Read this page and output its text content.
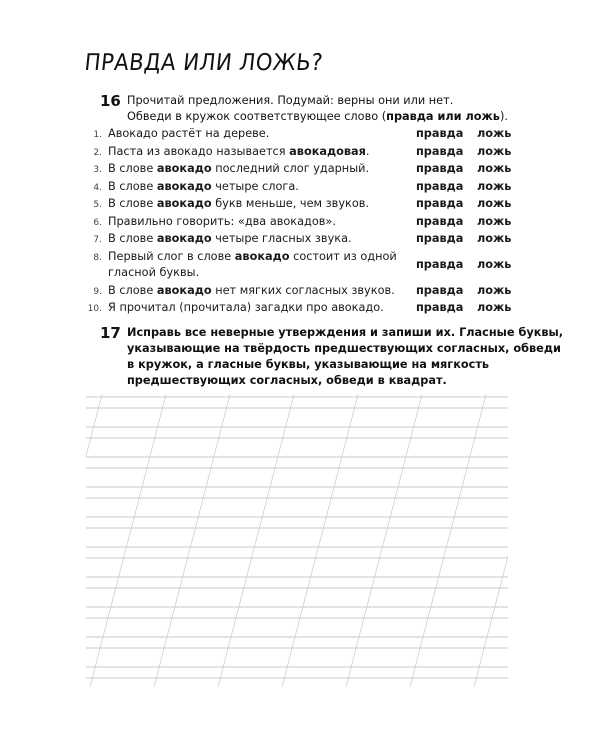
ПРАВДА ИЛИ ЛОЖЬ?
16 Прочитай предложения. Подумай: верны они или нет.
Обведи в кружок соответствующее слово (правда или ложь).
1. Авокадо растёт на дереве.	правда ложь
2. Паста из авокадо называется авокадовая.	правда ложь
3. В слове авокадо последний слог ударный.	правда ложь
4. В слове авокадо четыре слога.	правда ложь
5. В слове авокадо букв меньше, чем звуков.	правда ложь
6. Правильно говорить: «два авокадов».	правда ложь
7. В слове авокадо четыре гласных звука.	правда ложь
8. Первый слог в слове авокадо состоит из одной гласной буквы.
правда ложь
9. В слове авокадо нет мягких согласных звуков. правда ложь
10. Я прочитал (прочитала) загадки про авокадо.	правда ложь
17 Исправь все неверные утверждения и запиши их. Гласные буквы,
указывающие на твёрдость предшествующих согласных, обведи
в кружок, а гласные буквы, указывающие на мягкость
предшествующих согласных, обведи в квадрат.
